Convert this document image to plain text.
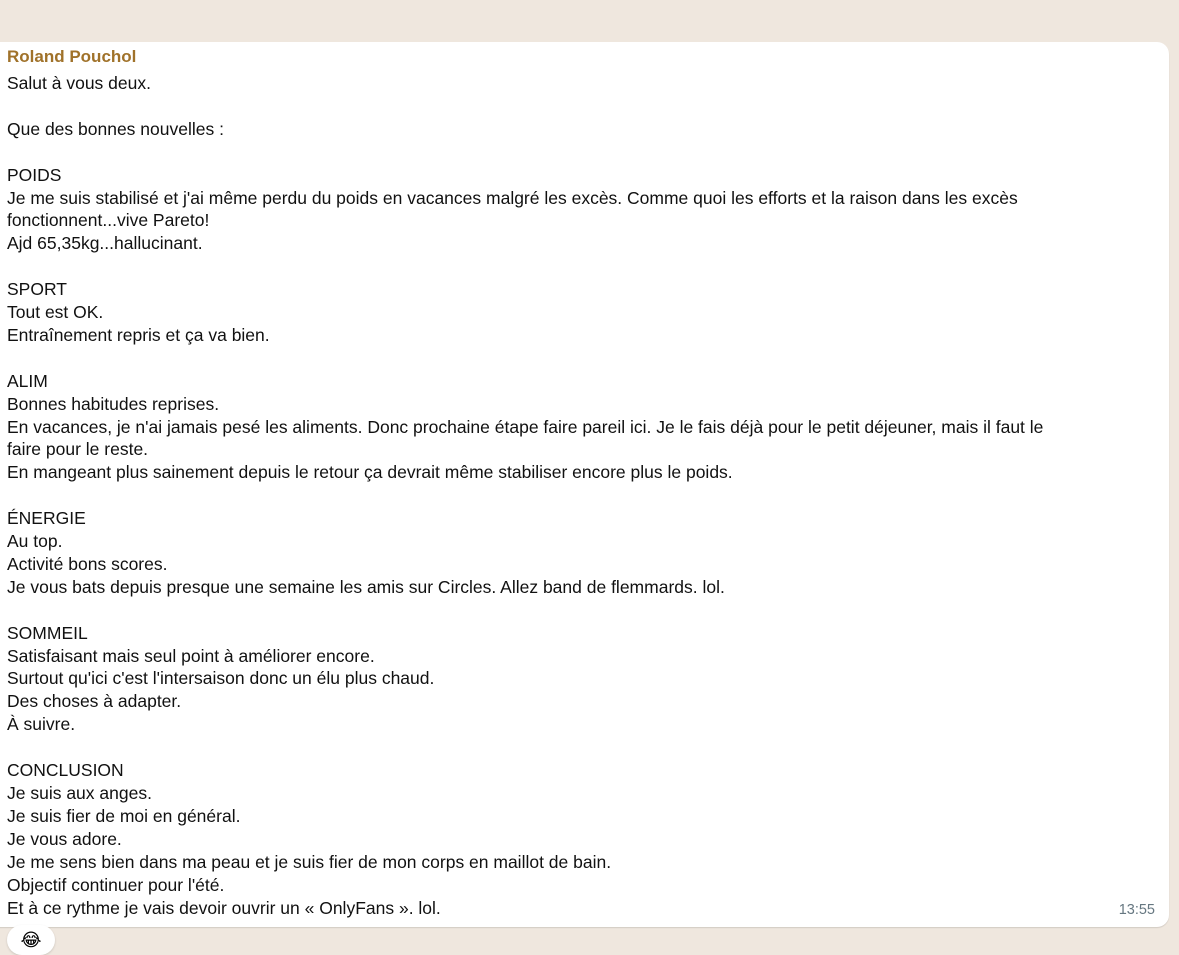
Roland Pouchol
Salut à vous deux.
Que des bonnes nouvelles :
POIDS
Je me suis stabilisé et j'ai même perdu du poids en vacances malgré les excès. Comme quoi les efforts et la raison dans les excès
fonctionnent...vive Pareto!
Ajd 65,35kg...hallucinant.
SPORT
Tout est OK.
Entraînement repris et ça va bien.
ALIM
Bonnes habitudes reprises.
En vacances, je n'ai jamais pesé les aliments. Donc prochaine étape faire pareil ici. Je le fais déjà pour le petit déjeuner, mais il faut le
faire pour le reste.
En mangeant plus sainement depuis le retour ça devrait même stabiliser encore plus le poids.
ÉNERGIE
Au top.
Activité bons scores.
Je vous bats depuis presque une semaine les amis sur Circles. Allez band de flemmards. lol.
SOMMEIL
Satisfaisant mais seul point à améliorer encore.
Surtout qu'ici c'est l'intersaison donc un élu plus chaud.
Des choses à adapter.
À suivre.
CONCLUSION
Je suis aux anges.
Je suis fier de moi en général.
Je vous adore.
Je me sens bien dans ma peau et je suis fier de mon corps en maillot de bain.
Objectif continuer pour l'été.
Et à ce rythme je vais devoir ouvrir un « OnlyFans ». lol.	13:55
😂
